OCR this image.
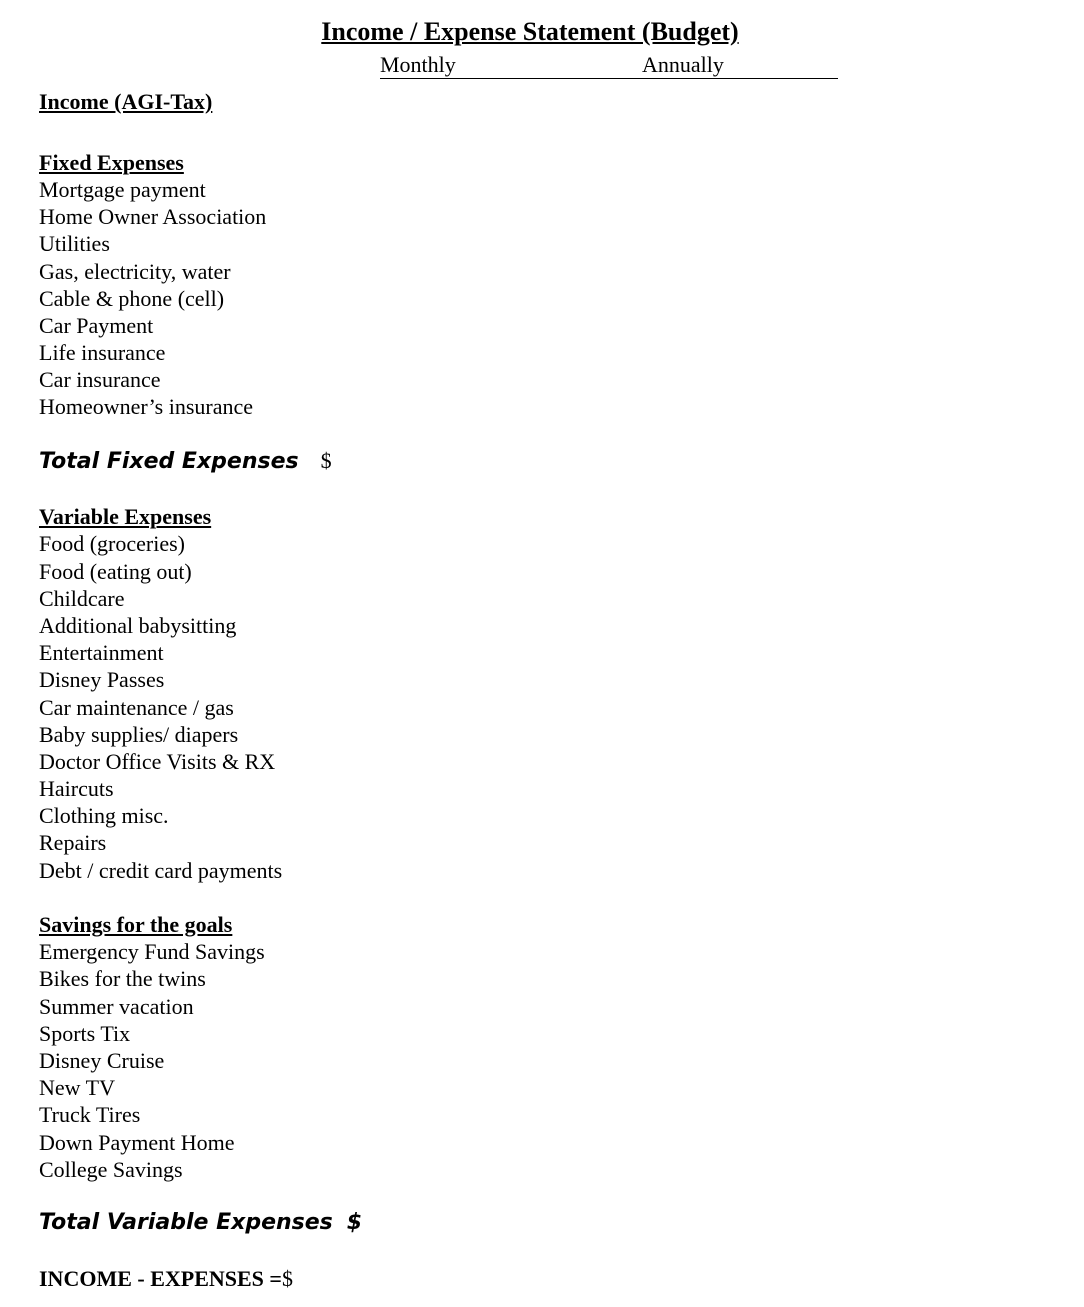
Income / Expense Statement (Budget)
Monthly	Annually
Income (AGI-Tax)
Fixed Expenses
Mortgage payment
Home Owner Association
Utilities
Gas, electricity, water
Cable & phone (cell)
Car Payment
Life insurance
Car insurance
Homeowner’s insurance
Total Fixed Expenses $
Variable Expenses
Food (groceries)
Food (eating out)
Childcare
Additional babysitting
Entertainment
Disney Passes
Car maintenance / gas
Baby supplies/ diapers
Doctor Office Visits & RX
Haircuts
Clothing misc.
Repairs
Debt / credit card payments
Savings for the goals
Emergency Fund Savings
Bikes for the twins
Summer vacation
Sports Tix
Disney Cruise
New TV
Truck Tires
Down Payment Home
College Savings
Total Variable Expenses $
INCOME - EXPENSES =$
